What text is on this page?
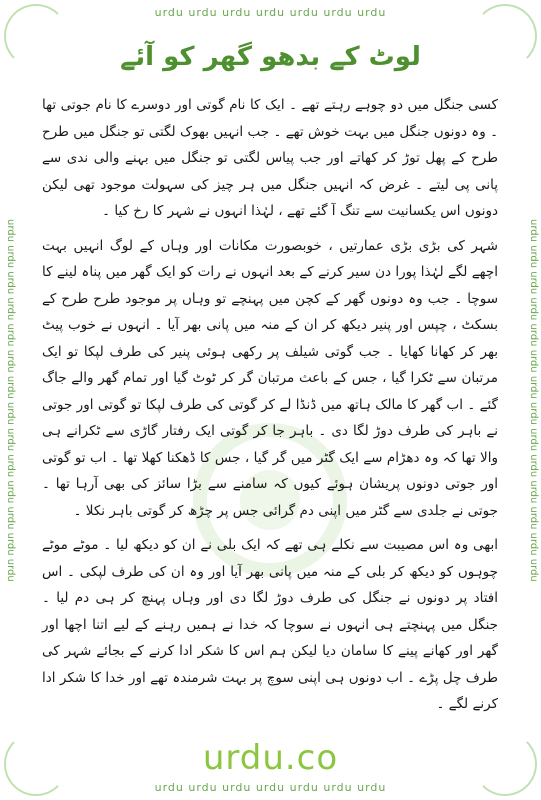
urdu urdu urdu urdu urdu urdu urdu
urdu urdu urdu urdu urdu urdu urdu urdu urdu urdu urdu urdu urdu urdu	urdu urdu urdu urdu urdu urdu urdu urdu urdu urdu urdu urdu urdu urdu
urdu urdu urdu urdu urdu urdu urdu
لوٹ کے بدھو گھر کو آئے

کسی جنگل میں دو چوہے رہتے تھے ۔ ایک کا نام گوتی اور دوسرے کا نام جوتی تھا ۔ وہ دونوں جنگل میں بہت خوش تھے ۔ جب انہیں بھوک لگتی تو جنگل میں طرح طرح کے پھل توڑ کر کھاتے اور جب پیاس لگتی تو جنگل میں بہنے والی ندی سے پانی پی لیتے ۔ غرض کہ انہیں جنگل میں ہر چیز کی سہولت موجود تھی لیکن دونوں اس یکسانیت سے تنگ آ گئے تھے ، لہٰذا انہوں نے شہر کا رخ کیا ۔

شہر کی بڑی بڑی عمارتیں ، خوبصورت مکانات اور وہاں کے لوگ انہیں بہت اچھے لگے لہٰذا پورا دن سیر کرنے کے بعد انہوں نے رات کو ایک گھر میں پناہ لینے کا سوچا ۔ جب وہ دونوں گھر کے کچن میں پہنچے تو وہاں پر موجود طرح طرح کے بسکٹ ، چپس اور پنیر دیکھ کر ان کے منہ میں پانی بھر آیا ۔ انہوں نے خوب پیٹ بھر کر کھانا کھایا ۔ جب گوتی شیلف پر رکھی ہوئی پنیر کی طرف لپکا تو ایک مرتبان سے ٹکرا گیا ، جس کے باعث مرتبان گر کر ٹوٹ گیا اور تمام گھر والے جاگ گئے ۔ اب گھر کا مالک ہاتھ میں ڈنڈا لے کر گوتی کی طرف لپکا تو گوتی اور جوتی نے باہر کی طرف دوڑ لگا دی ۔ باہر جا کر گوتی ایک رفتار گاڑی سے ٹکرانے ہی والا تھا کہ وہ دھڑام سے ایک گٹر میں گر گیا ، جس کا ڈھکنا کھلا تھا ۔ اب تو گوتی اور جوتی دونوں پریشان ہوئے کیوں کہ سامنے سے بڑا سائز کی بھی آرہا تھا ۔ جوتی نے جلدی سے گٹر میں اپنی دم گرائی جس پر چڑھ کر گوتی باہر نکلا ۔

ابھی وہ اس مصیبت سے نکلے ہی تھے کہ ایک بلی نے ان کو دیکھ لیا ۔ موٹے موٹے چوہوں کو دیکھ کر بلی کے منہ میں پانی بھر آیا اور وہ ان کی طرف لپکی ۔ اس افتاد پر دونوں نے جنگل کی طرف دوڑ لگا دی اور وہاں پہنچ کر ہی دم لیا ۔ جنگل میں پہنچتے ہی انہوں نے سوچا کہ خدا نے ہمیں رہنے کے لیے اتنا اچھا اور گھر اور کھانے پینے کا سامان دیا لیکن ہم اس کا شکر ادا کرنے کے بجائے شہر کی طرف چل پڑے ۔ اب دونوں ہی اپنی سوچ پر بہت شرمندہ تھے اور خدا کا شکر ادا کرنے لگے ۔

urdu.co
